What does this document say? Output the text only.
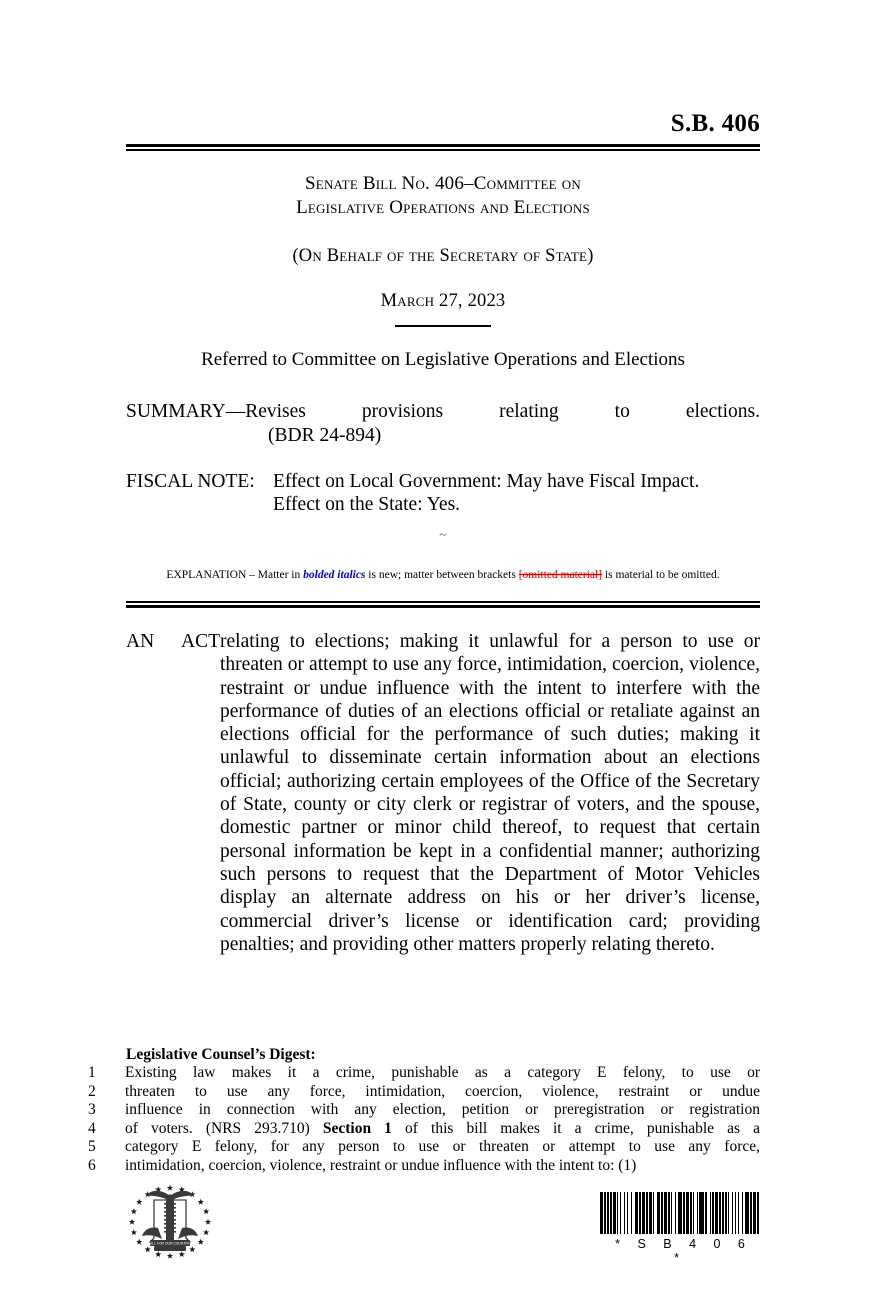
S.B. 406
Senate Bill No. 406–Committee on
Legislative Operations and Elections
(On Behalf of the Secretary of State)
March 27, 2023
Referred to Committee on Legislative Operations and Elections
SUMMARY—Revises provisions relating to elections.
(BDR 24-894)
FISCAL NOTE: Effect on Local Government: May have Fiscal Impact.
Effect on the State: Yes.
~
EXPLANATION – Matter in bolded italics is new; matter between brackets [omitted material] is material to be omitted.
AN ACT relating to elections; making it unlawful for a person to use or threaten or attempt to use any force, intimidation, coercion, violence, restraint or undue influence with the intent to interfere with the performance of duties of an elections official or retaliate against an elections official for the performance of such duties; making it unlawful to disseminate certain information about an elections official; authorizing certain employees of the Office of the Secretary of State, county or city clerk or registrar of voters, and the spouse, domestic partner or minor child thereof, to request that certain personal information be kept in a confidential manner; authorizing such persons to request that the Department of Motor Vehicles display an alternate address on his or her driver’s license, commercial driver’s license or identification card; providing penalties; and providing other matters properly relating thereto.
Legislative Counsel’s Digest:
1	Existing law makes it a crime, punishable as a category E felony, to use or
2	threaten to use any force, intimidation, coercion, violence, restraint or undue
3	influence in connection with any election, petition or preregistration or registration
4	of voters. (NRS 293.710) Section 1 of this bill makes it a crime, punishable as a
5	category E felony, for any person to use or threaten or attempt to use any force,
6	intimidation, coercion, violence, restraint or undue influence with the intent to: (1)
ALL FOR OUR COUNTRY	* S B 4 0 6 *
